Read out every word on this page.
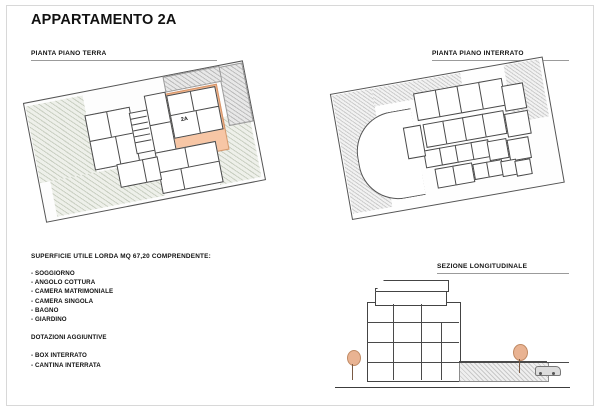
APPARTAMENTO 2A
PIANTA PIANO TERRA
2A
PIANTA PIANO INTERRATO
SUPERFICIE UTILE LORDA MQ 67,20 COMPRENDENTE:
- SOGGIORNO
- ANGOLO COTTURA
- CAMERA MATRIMONIALE
- CAMERA SINGOLA
- BAGNO
- GIARDINO
DOTAZIONI AGGIUNTIVE
- BOX INTERRATO
- CANTINA INTERRATA
SEZIONE LONGITUDINALE
